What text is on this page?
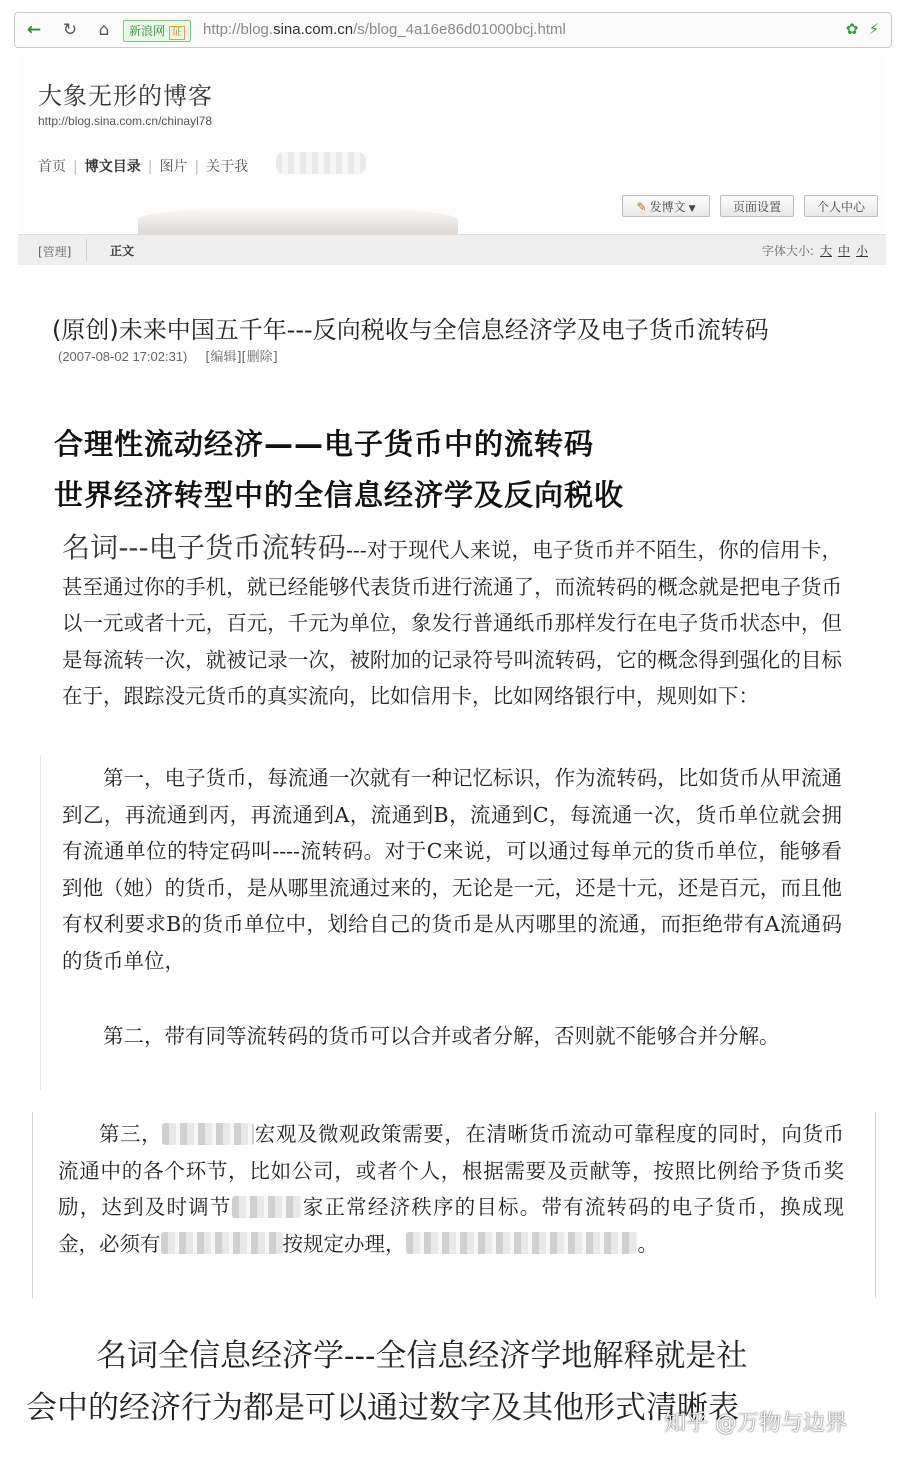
← ↻	⌂	新浪网 证	http://blog.sina.com.cn/s/blog_4a16e86d01000bcj.html	✿ ⚡
大象无形的博客
http://blog.sina.com.cn/chinayl78
首页 | 博文目录 | 图片 | 关于我
✎ 发博文 ▼	页面设置	个人中心
[管理]	正文	字体大小: 大 中 小
(原创)未来中国五千年---反向税收与全信息经济学及电子货币流转码
(2007-08-02 17:02:31) [编辑][删除]
合理性流动经济——电子货币中的流转码
世界经济转型中的全信息经济学及反向税收

名词---电子货币流转码---对于现代人来说，电子货币并不陌生，你的信用卡，甚至通过你的手机，就已经能够代表货币进行流通了，而流转码的概念就是把电子货币以一元或者十元，百元，千元为单位，象发行普通纸币那样发行在电子货币状态中，但是每流转一次，就被记录一次，被附加的记录符号叫流转码，它的概念得到强化的目标在于，跟踪没元货币的真实流向，比如信用卡，比如网络银行中，规则如下：

第一，电子货币，每流通一次就有一种记忆标识，作为流转码，比如货币从甲流通到乙，再流通到丙，再流通到A，流通到B，流通到C，每流通一次，货币单位就会拥有流通单位的特定码叫----流转码。对于C来说，可以通过每单元的货币单位，能够看到他（她）的货币，是从哪里流通过来的，无论是一元，还是十元，还是百元，而且他有权利要求B的货币单位中，划给自己的货币是从丙哪里的流通，而拒绝带有A流通码的货币单位，

第二，带有同等流转码的货币可以合并或者分解，否则就不能够合并分解。

第三，	宏观及微观政策需要，在清晰货币流动可靠程度的同时，向货币流通中的各个环节，比如公司，或者个人，根据需要及贡献等，按照比例给予货币奖励，达到及时调节	家正常经济秩序的目标。带有流转码的电子货币，换成现金，必须有	按规定办理，	。

名词全信息经济学---全信息经济学地解释就是社
会中的经济行为都是可以通过数字及其他形式清晰表
知乎 @万物与边界
